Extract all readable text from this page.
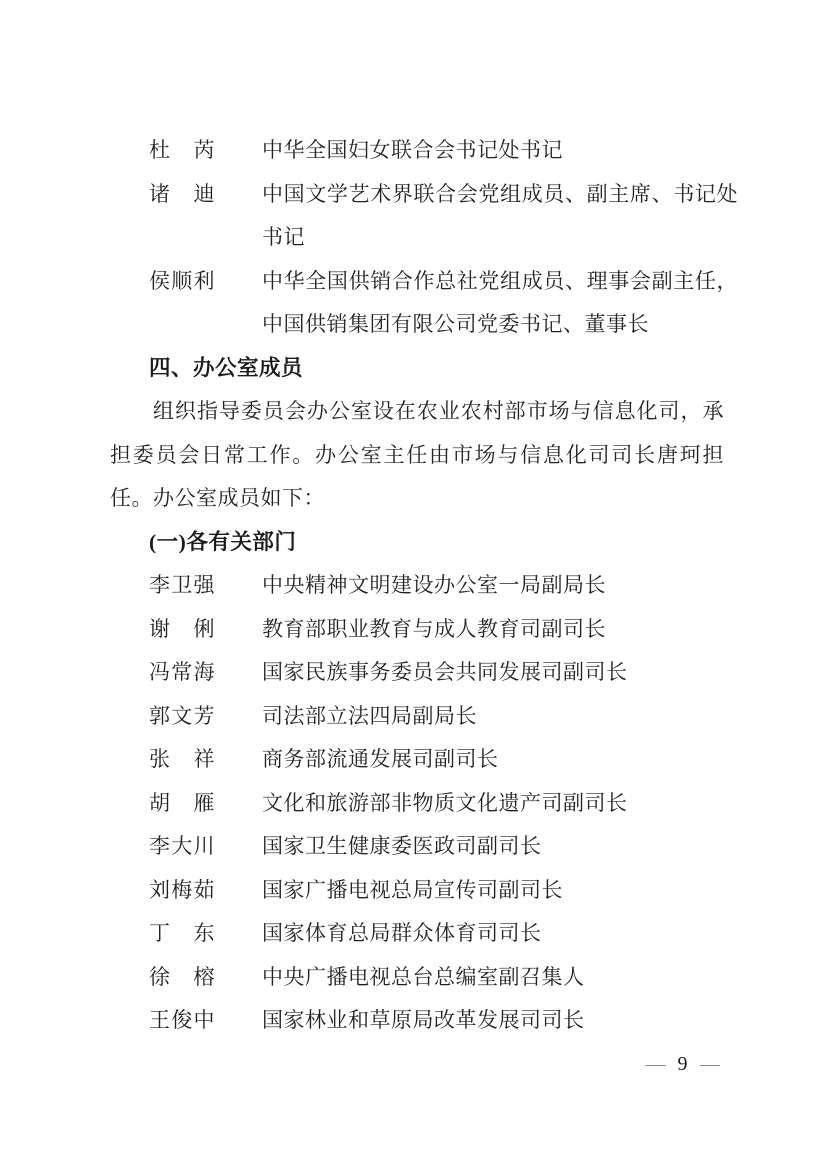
杜芮 中华全国妇女联合会书记处书记
诸迪 中国文学艺术界联合会党组成员、副主席、书记处
书记
侯顺利 中华全国供销合作总社党组成员、理事会副主任，
中国供销集团有限公司党委书记、董事长
四、办公室成员
组织指导委员会办公室设在农业农村部市场与信息化司，承
担委员会日常工作。办公室主任由市场与信息化司司长唐珂担
任。办公室成员如下：
(一)各有关部门
李卫强 中央精神文明建设办公室一局副局长
谢俐 教育部职业教育与成人教育司副司长
冯常海 国家民族事务委员会共同发展司副司长
郭文芳 司法部立法四局副局长
张祥 商务部流通发展司副司长
胡雁 文化和旅游部非物质文化遗产司副司长
李大川 国家卫生健康委医政司副司长
刘梅茹 国家广播电视总局宣传司副司长
丁东 国家体育总局群众体育司司长
徐榕 中央广播电视总台总编室副召集人
王俊中 国家林业和草原局改革发展司司长
— 9 —
